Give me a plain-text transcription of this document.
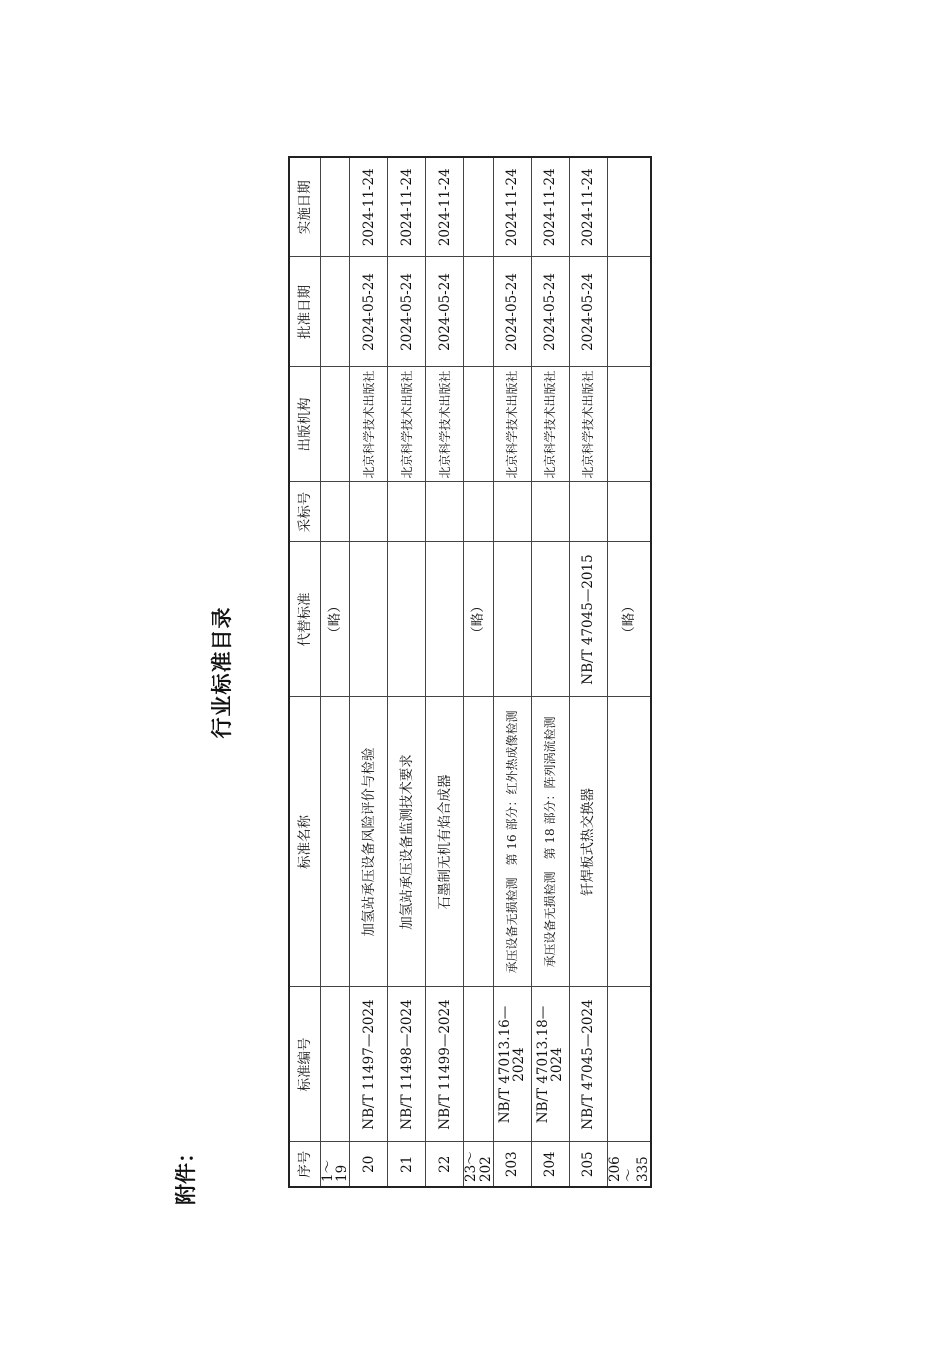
附件：
行业标准目录
序号	标准编号	标准名称	代替标准	采标号	出版机构	批准日期	实施日期
1～19			（略）				
20	NB/T 11497—2024	加氢站承压设备风险评价与检验			北京科学技术出版社	2024-05-24	2024-11-24
21	NB/T 11498—2024	加氢站承压设备监测技术要求			北京科学技术出版社	2024-05-24	2024-11-24
22	NB/T 11499—2024	石墨制无机有焰合成器			北京科学技术出版社	2024-05-24	2024-11-24
23～202			（略）				
203	NB/T 47013.16—2024	承压设备无损检测　第 16 部分：红外热成像检测			北京科学技术出版社	2024-05-24	2024-11-24
204	NB/T 47013.18—2024	承压设备无损检测　第 18 部分：阵列涡流检测			北京科学技术出版社	2024-05-24	2024-11-24
205	NB/T 47045—2024	钎焊板式热交换器	NB/T 47045—2015		北京科学技术出版社	2024-05-24	2024-11-24
206～335			（略）				
